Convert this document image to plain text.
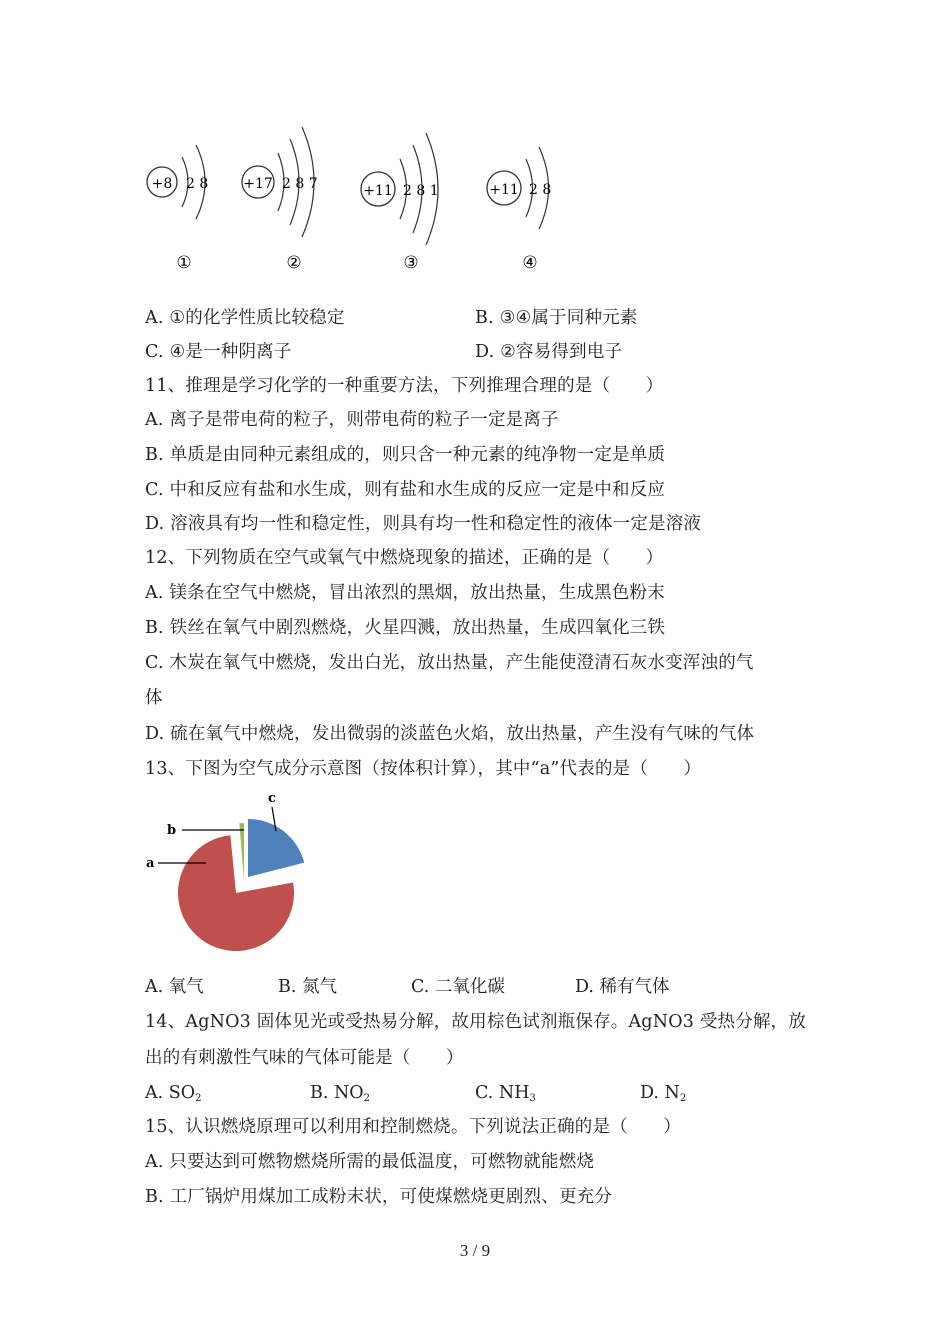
+8 2 8
①
+17 2 8 7
②
+11 2 8 1
③
+11 2 8
④
A. ①的化学性质比较稳定	B. ③④属于同种元素
C. ④是一种阴离子	D. ②容易得到电子
11、推理是学习化学的一种重要方法，下列推理合理的是（　　）
A. 离子是带电荷的粒子，则带电荷的粒子一定是离子
B. 单质是由同种元素组成的，则只含一种元素的纯净物一定是单质
C. 中和反应有盐和水生成，则有盐和水生成的反应一定是中和反应
D. 溶液具有均一性和稳定性，则具有均一性和稳定性的液体一定是溶液
12、下列物质在空气或氧气中燃烧现象的描述，正确的是（　　）
A. 镁条在空气中燃烧，冒出浓烈的黑烟，放出热量，生成黑色粉末
B. 铁丝在氧气中剧烈燃烧，火星四溅，放出热量，生成四氧化三铁
C. 木炭在氧气中燃烧，发出白光，放出热量，产生能使澄清石灰水变浑浊的气
体
D. 硫在氧气中燃烧，发出微弱的淡蓝色火焰，放出热量，产生没有气味的气体
13、下图为空气成分示意图（按体积计算），其中“a”代表的是（　　）
a
b
c
A. 氧气	B. 氮气	C. 二氧化碳	D. 稀有气体
14、AgNO3 固体见光或受热易分解，故用棕色试剂瓶保存。AgNO3 受热分解，放
出的有刺激性气味的气体可能是（　　）
A. $SO_2$	B. $NO_2$	C. $NH_3$	D. $N_2$
15、认识燃烧原理可以利用和控制燃烧。下列说法正确的是（　　）
A. 只要达到可燃物燃烧所需的最低温度，可燃物就能燃烧
B. 工厂锅炉用煤加工成粉末状，可使煤燃烧更剧烈、更充分
3 / 9
